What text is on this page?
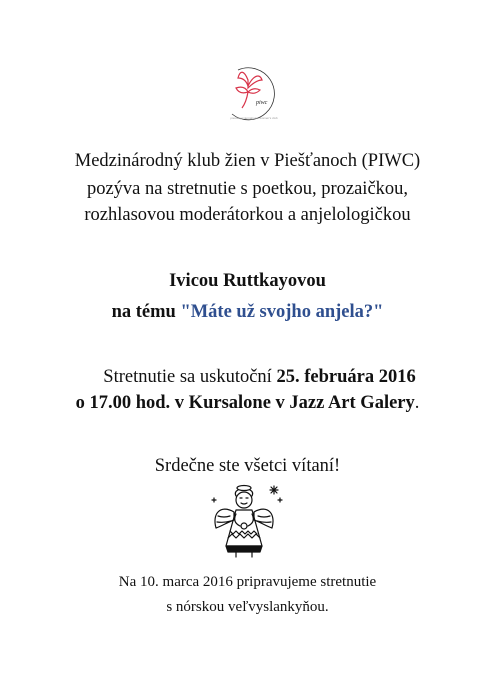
piwc
piestany international women's club
Medzinárodný klub žien v Piešťanoch (PIWC)
pozýva na stretnutie s poetkou, prozaičkou,
rozhlasovou moderátorkou a anjelologičkou
Ivicou Ruttkayovou
na tému "Máte už svojho anjela?"
Stretnutie sa uskutoční 25. februára 2016
o 17.00 hod. v Kursalone v Jazz Art Galery.
Srdečne ste všetci vítaní!
Na 10. marca 2016 pripravujeme stretnutie
s nórskou veľvyslankyňou.
